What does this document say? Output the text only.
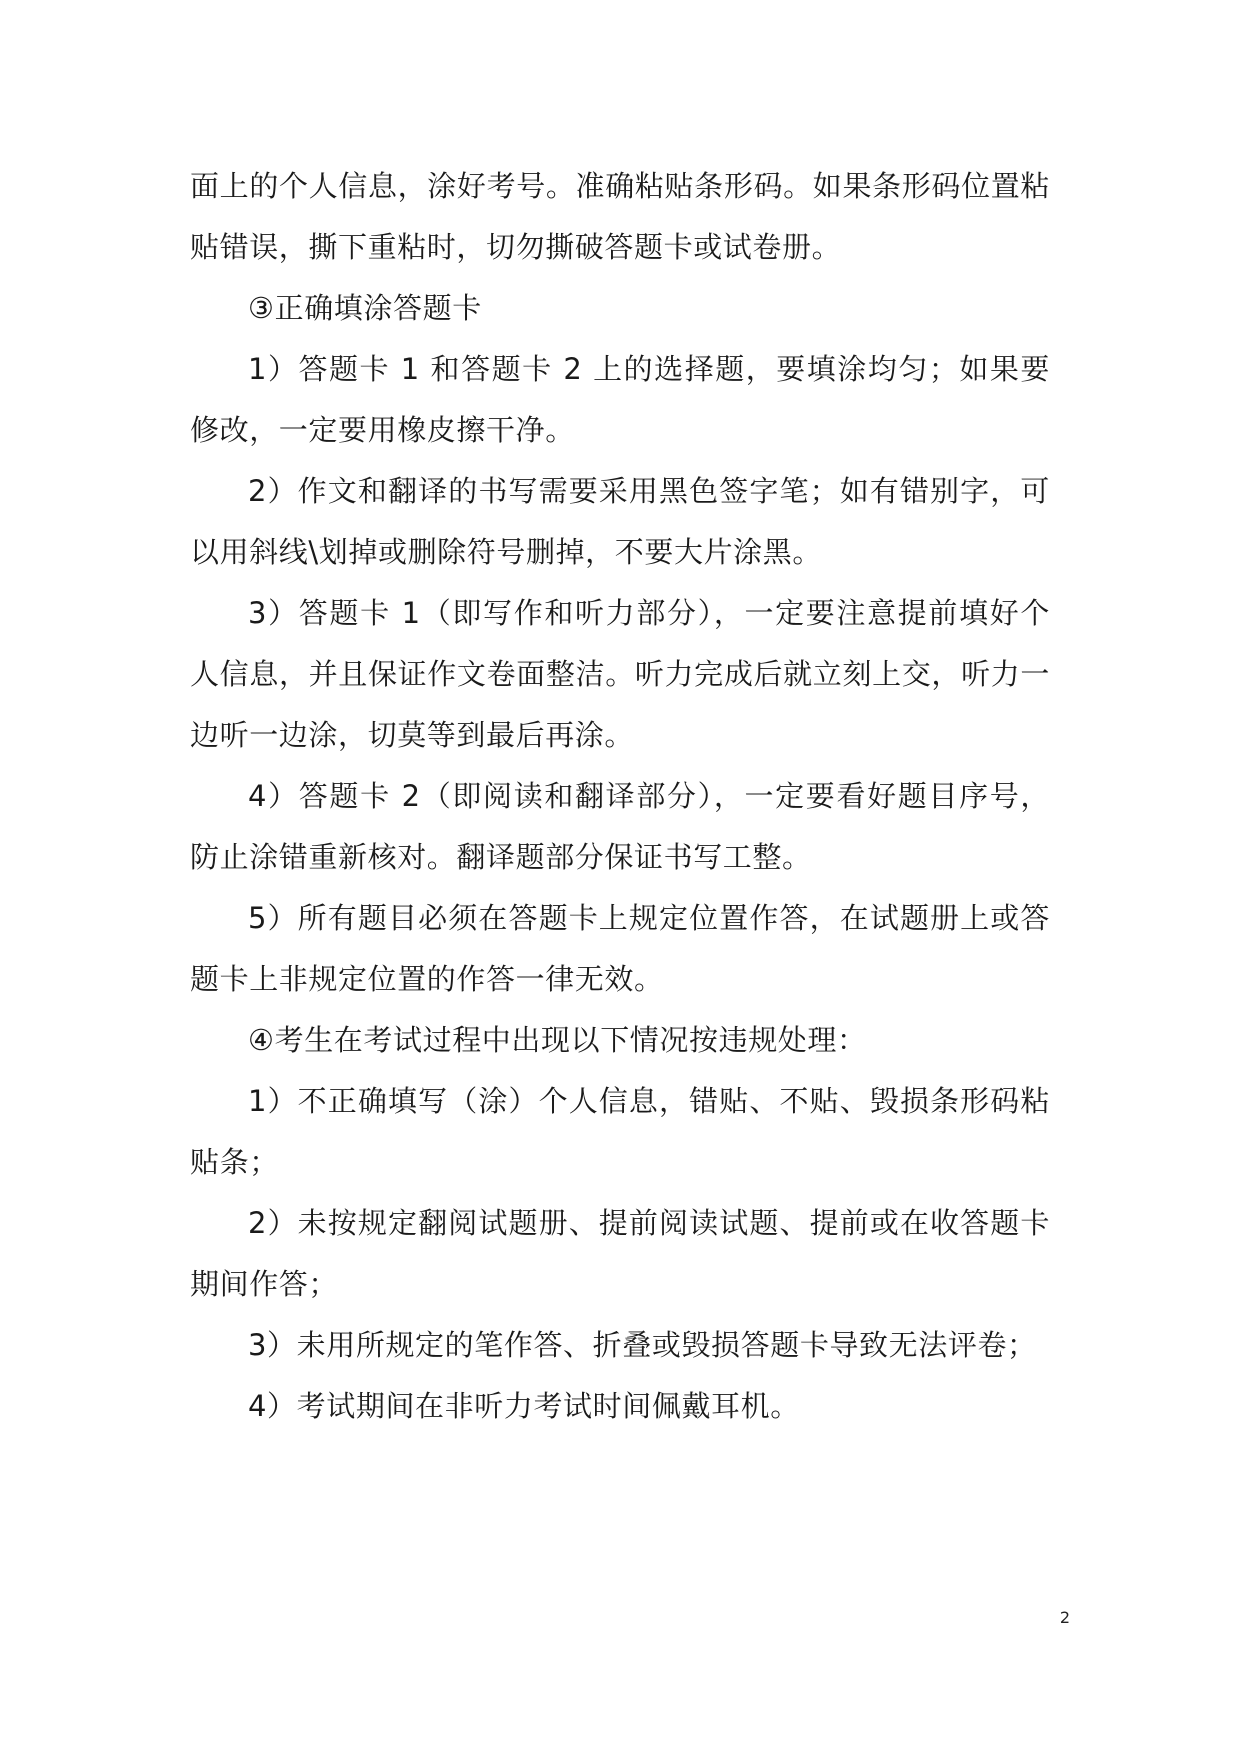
面上的个人信息，涂好考号。准确粘贴条形码。如果条形码位置粘贴错误，撕下重粘时，切勿撕破答题卡或试卷册。

③正确填涂答题卡

1）答题卡 1 和答题卡 2 上的选择题，要填涂均匀；如果要修改，一定要用橡皮擦干净。

2）作文和翻译的书写需要采用黑色签字笔；如有错别字，可以用斜线\划掉或删除符号删掉，不要大片涂黑。

3）答题卡 1（即写作和听力部分），一定要注意提前填好个人信息，并且保证作文卷面整洁。听力完成后就立刻上交，听力一边听一边涂，切莫等到最后再涂。

4）答题卡 2（即阅读和翻译部分），一定要看好题目序号，防止涂错重新核对。翻译题部分保证书写工整。

5）所有题目必须在答题卡上规定位置作答，在试题册上或答题卡上非规定位置的作答一律无效。

④考生在考试过程中出现以下情况按违规处理：

1）不正确填写（涂）个人信息，错贴、不贴、毁损条形码粘贴条；

2）未按规定翻阅试题册、提前阅读试题、提前或在收答题卡期间作答；

3）未用所规定的笔作答、折叠或毁损答题卡导致无法评卷；

4）考试期间在非听力考试时间佩戴耳机。

2
